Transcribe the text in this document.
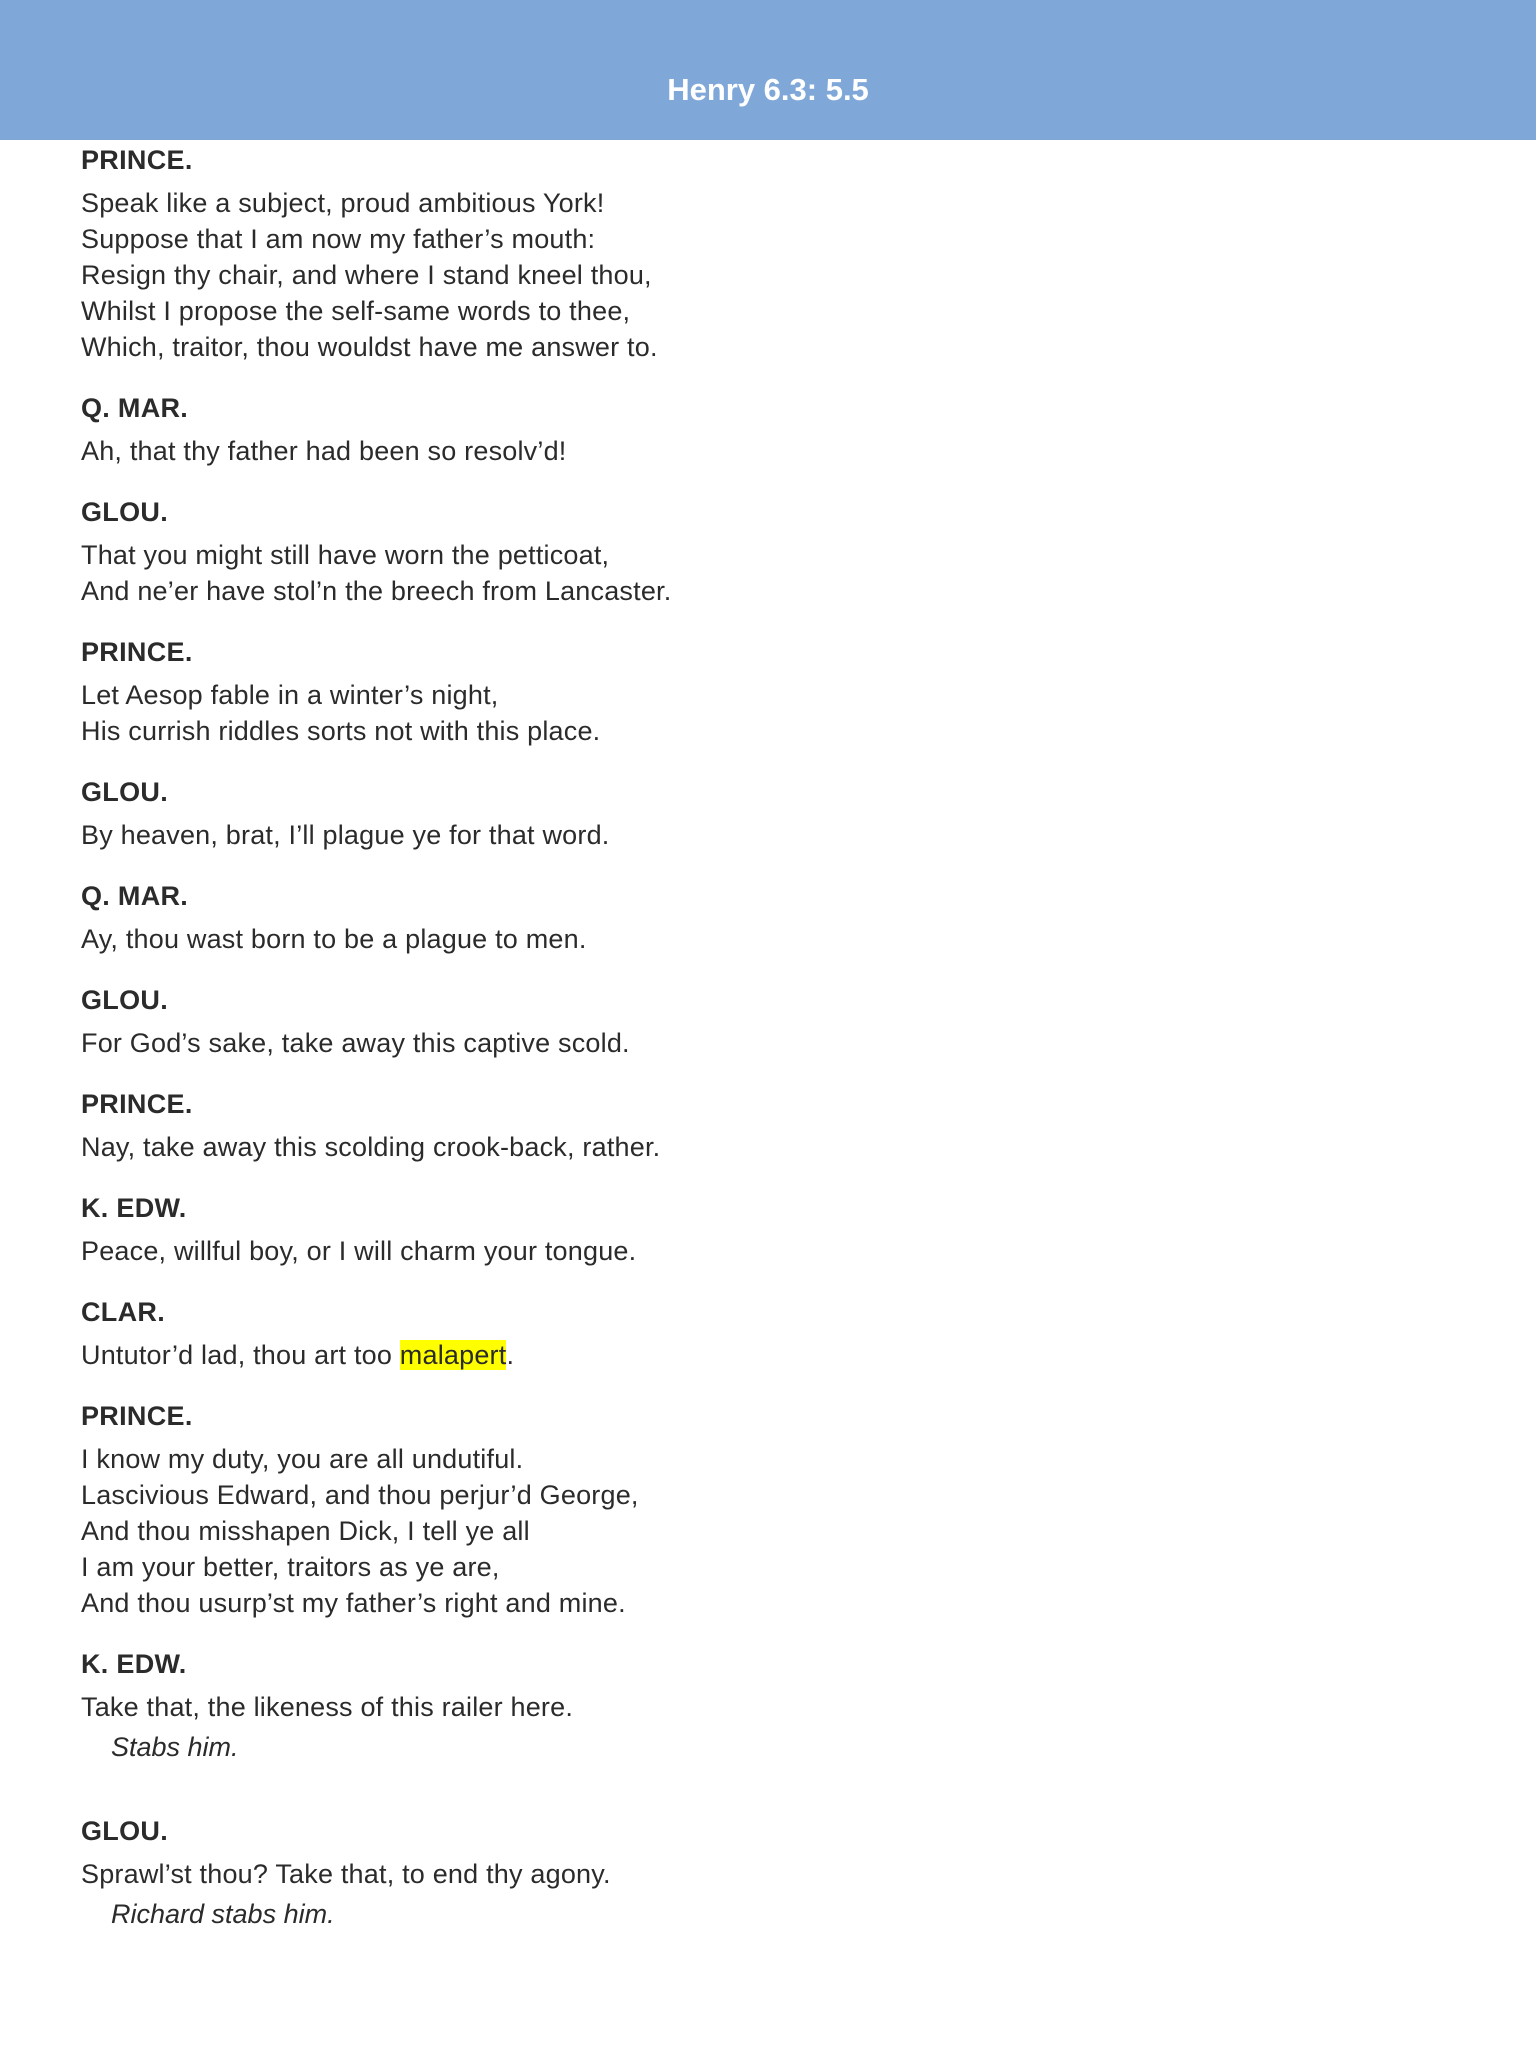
Henry 6.3: 5.5
PRINCE.
Speak like a subject, proud ambitious York!
Suppose that I am now my father’s mouth:
Resign thy chair, and where I stand kneel thou,
Whilst I propose the self-same words to thee,
Which, traitor, thou wouldst have me answer to.
Q. MAR.
Ah, that thy father had been so resolv’d!
GLOU.
That you might still have worn the petticoat,
And ne’er have stol’n the breech from Lancaster.
PRINCE.
Let Aesop fable in a winter’s night,
His currish riddles sorts not with this place.
GLOU.
By heaven, brat, I’ll plague ye for that word.
Q. MAR.
Ay, thou wast born to be a plague to men.
GLOU.
For God’s sake, take away this captive scold.
PRINCE.
Nay, take away this scolding crook-back, rather.
K. EDW.
Peace, willful boy, or I will charm your tongue.
CLAR.
Untutor’d lad, thou art too malapert.
PRINCE.
I know my duty, you are all undutiful.
Lascivious Edward, and thou perjur’d George,
And thou misshapen Dick, I tell ye all
I am your better, traitors as ye are,
And thou usurp’st my father’s right and mine.
K. EDW.
Take that, the likeness of this railer here.
Stabs him.
GLOU.
Sprawl’st thou? Take that, to end thy agony.
Richard stabs him.
